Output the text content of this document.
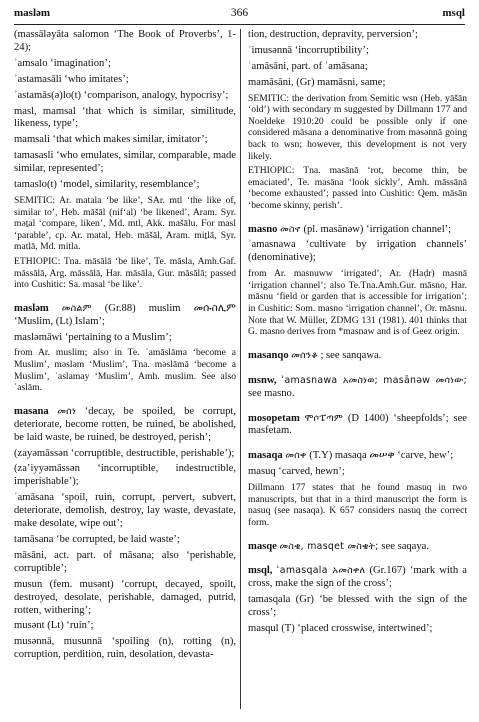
masləm	366	msql

(massāləyāta salomon ‘The Book of Proverbs’, 1-24);

ʾamsalo ‘imagination’;

ʾastamasāli ‘who imitates’;

ʾastamās(ə)lo(t) ‘comparison, analogy, hypocrisy’;

masl, mamsal ‘that which is similar, similitude, likeness, type’;

mamsali ‘that which makes similar, imitator’;

tamasasli ‘who emulates, similar, comparable, made similar, represented’;

tamaslo(t) ‘model, similarity, resemblance’;

SEMITIC: Ar. matala ‘be like’, SAr. mtl ‘the like of, similar to’, Heb. māšāl (nif‘al) ‘be likened’, Aram. Syr. məṯal ‘compare, liken’, Md. mtl, Akk. mašālu. For masl ‘parable’, cp. Ar. matal, Heb. māšāl, Aram. miṯlā, Syr. matlā, Md. mitla.

ETHIOPIC: Tna. māsālā ‘be like’, Te. māsla, Amh.Gaf. māssālā, Arg. māssālā, Har. māsāla, Gur. māsālā; passed into Cushitic: Sa. masal ‘be like’.

masləm መስልም (Gr.88) muslim መሱስሊም ‘Muslim, (Lt) Islam’;

masləmāwi ‘pertaining to a Muslim’;

from Ar. muslim; also in Te. ʾamāslāma ‘become a Muslim’, məsləm ‘Muslim’, Tna. məslāmā ‘become a Muslim’, ʾaslamay ‘Muslim’, Amh. muslim. See also ʾaslām.

masana መሰነ ‘decay, be spoiled, be corrupt, deteriorate, become rotten, be ruined, be abolished, be laid waste, be ruined, be destroyed, perish’;

(zayəmāssən ‘corruptible, destructible, perishable’);

(za’iyyəmāssən ‘incorruptible, indestructible, imperishable’);

ʾamāsana ‘spoil, ruin, corrupt, pervert, subvert, deteriorate, demolish, destroy, lay waste, devastate, make desolate, wipe out’;

tamāsana ‘be corrupted, be laid waste’;

māsāni, act. part. of māsana; also ‘perishable, corruptible’;

musun (fem. musənt) ‘corrupt, decayed, spoilt, destroyed, desolate, perishable, damaged, putrid, rotten, withering’;

musənt (Lt) ‘ruin’;

musənnā, musunnā ‘spoiling (n), rotting (n), corruption, perdition, ruin, desolation, devasta-

tion, destruction, depravity, perversion’;

ʾimusənnā ‘incorruptibility’;

ʾamāsāni, part. of ʾamāsana;

mamāsāni, (Gr) mamāsni, same;

SEMITIC: the derivation from Semitic wsn (Heb. yāšān ‘old’) with secondary m suggested by Dillmann 177 and Noeldeke 1910:20 could be possible only if one considered māsana a denominative from məsənnā going back to wsn; however, this development is not very likely.

ETHIOPIC: Tna. masānā ‘rot, become thin, be emaciated’, Te. masāna ‘look sickly’, Amh. māssānā ‘become exhausted’; passed into Cushitic: Qem. māsān ‘become skinny, perish’.

masno መስኖ (pl. masānəw) ‘irrigation channel’;

ʾamasnawa ‘cultivate by irrigation channels’ (denominative);

from Ar. masnuww ‘irrigated’, Ar. (Haḍr) masnā ‘irrigation channel’; also Te.Tna.Amh.Gur. māsno, Har. māsnu ‘field or garden that is accessible for irrigation’; in Cushitic: Som. masno ‘irrigation channel’, Or. māsnu. Note that W. Müller, ZDMG 131 (1981). 401 thinks that G. masno derives from *masnaw and is of Geez origin.

masanqo መሰንቆ ; see sanqawa.

msnw, ʾamasnawa አመስነወ; masānəw መሳነው; see masno.

mosopetam ሞሶፔጣም (D 1400) ‘sheepfolds’; see masfetam.

masaqa መሰቀ (T.Y) masaqa መሠቀ ‘carve, hew’;

masuq ‘carved, hewn’;

Dillmann 177 states that he found masuq in two manuscripts, but that in a third manuscript the form is nasuq (see nasaqa). K 657 considers nasuq the correct form.

masqe መስቄ, masqet መስቄት; see saqaya.

msql, ʾamasqala አመስቀለ (Gr.167) ‘mark with a cross, make the sign of the cross’;

tamasqala (Gr) ‘be blessed with the sign of the cross’;

masqul (T) ‘placed crosswise, intertwined’;
